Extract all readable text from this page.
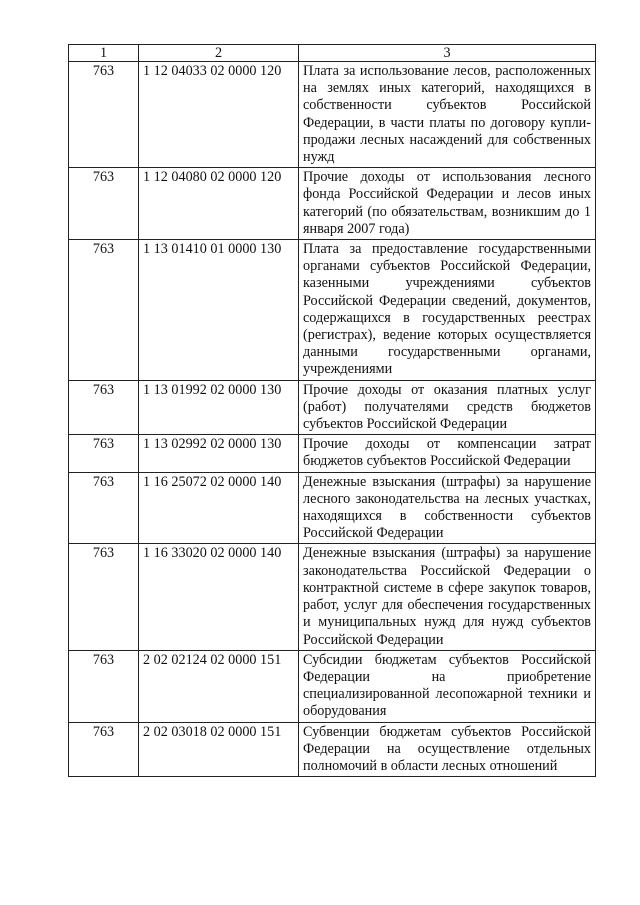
1	2	3
763	1 12 04033 02 0000 120	Плата за использование лесов, расположенных на землях иных категорий, находящихся в собственности субъектов Российской Федерации, в части платы по договору купли-продажи лесных насаждений для собственных нужд
763	1 12 04080 02 0000 120	Прочие доходы от использования лесного фонда Российской Федерации и лесов иных категорий (по обязательствам, возникшим до 1 января 2007 года)
763	1 13 01410 01 0000 130	Плата за предоставление государственными органами субъектов Российской Федерации, казенными учреждениями субъектов Российской Федерации сведений, документов, содержащихся в государственных реестрах (регистрах), ведение которых осуществляется данными государственными органами, учреждениями
763	1 13 01992 02 0000 130	Прочие доходы от оказания платных услуг (работ) получателями средств бюджетов субъектов Российской Федерации
763	1 13 02992 02 0000 130	Прочие доходы от компенсации затрат бюджетов субъектов Российской Федерации
763	1 16 25072 02 0000 140	Денежные взыскания (штрафы) за нарушение лесного законодательства на лесных участках, находящихся в собственности субъектов Российской Федерации
763	1 16 33020 02 0000 140	Денежные взыскания (штрафы) за нарушение законодательства Российской Федерации о контрактной системе в сфере закупок товаров, работ, услуг для обеспечения государственных и муниципальных нужд для нужд субъектов Российской Федерации
763	2 02 02124 02 0000 151	Субсидии бюджетам субъектов Российской Федерации на приобретение специализированной лесопожарной техники и оборудования
763	2 02 03018 02 0000 151	Субвенции бюджетам субъектов Российской Федерации на осуществление отдельных полномочий в области лесных отношений
